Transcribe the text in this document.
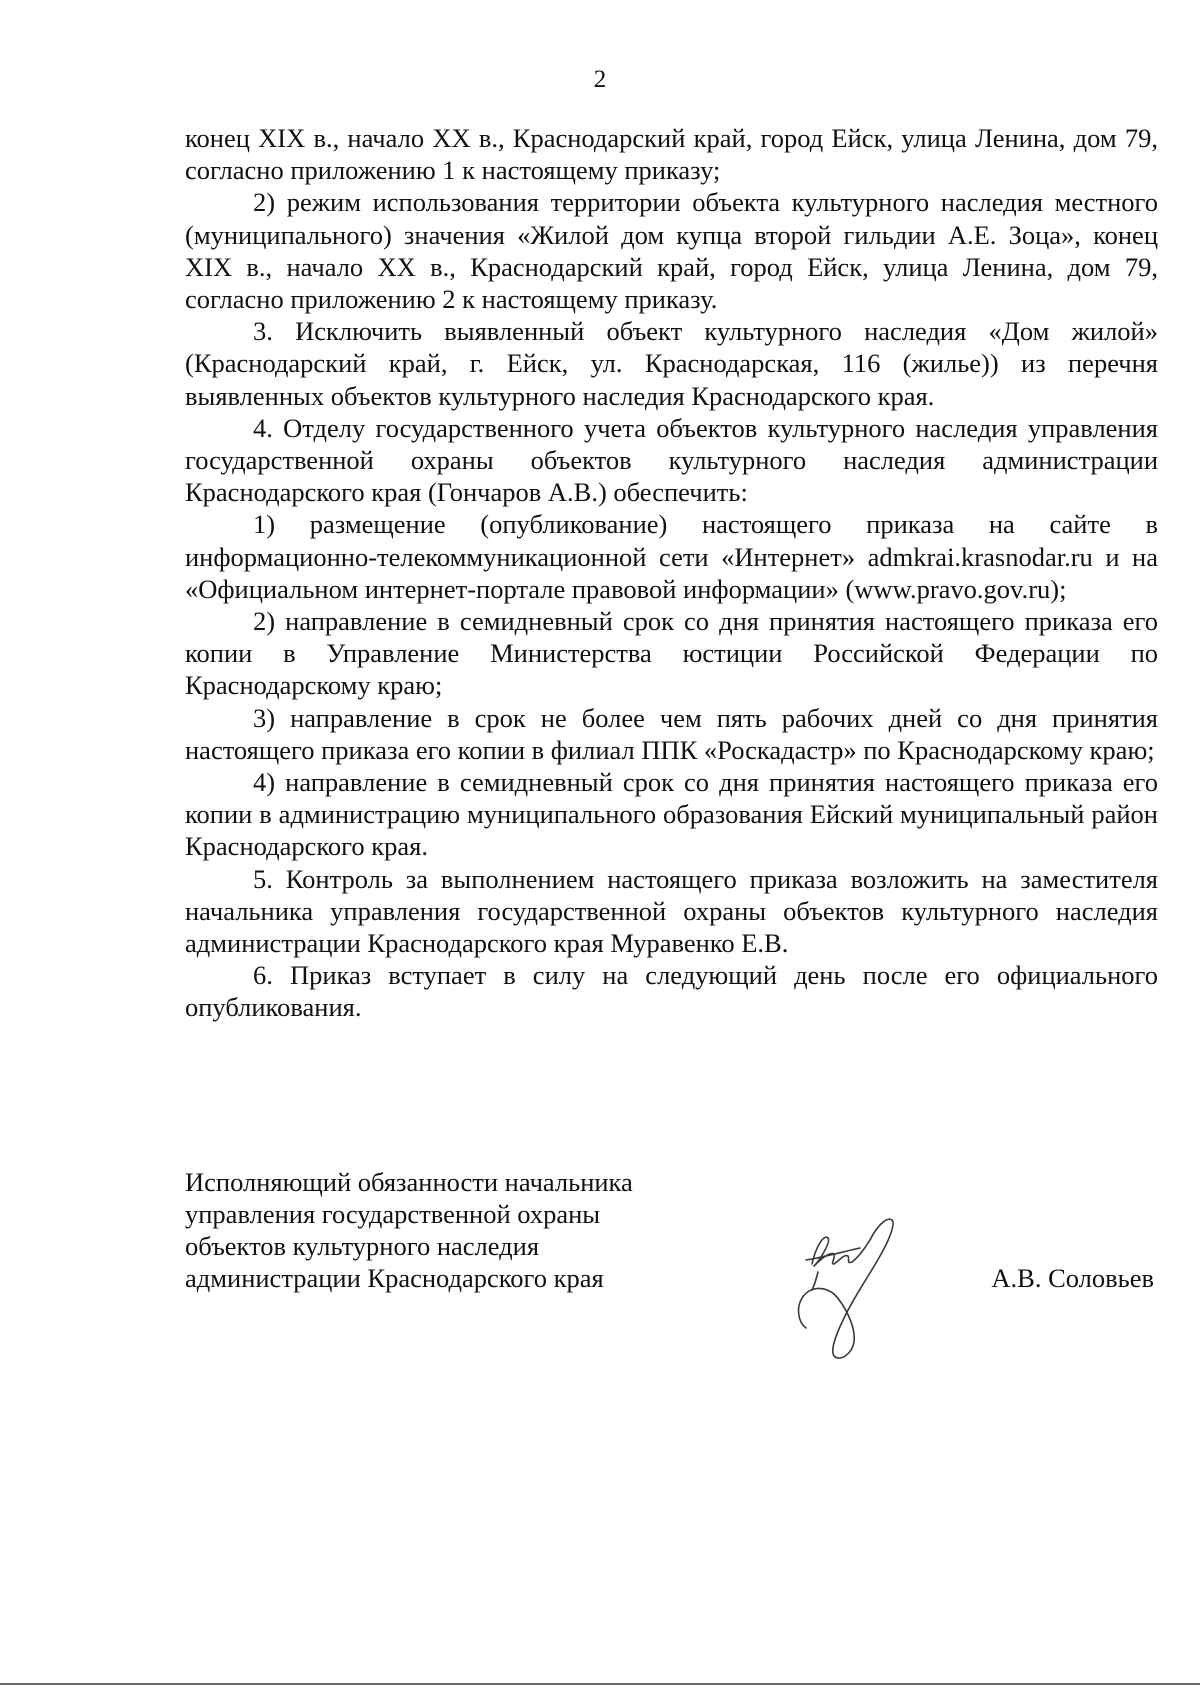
2

конец XIX в., начало XX в., Краснодарский край, город Ейск, улица Ленина, дом 79, согласно приложению 1 к настоящему приказу;

2) режим использования территории объекта культурного наследия местного (муниципального) значения «Жилой дом купца второй гильдии А.Е. Зоца», конец XIX в., начало XX в., Краснодарский край, город Ейск, улица Ленина, дом 79, согласно приложению 2 к настоящему приказу.

3. Исключить выявленный объект культурного наследия «Дом жилой» (Краснодарский край, г. Ейск, ул. Краснодарская, 116 (жилье)) из перечня выявленных объектов культурного наследия Краснодарского края.

4. Отделу государственного учета объектов культурного наследия управления государственной охраны объектов культурного наследия администрации Краснодарского края (Гончаров А.В.) обеспечить:

1) размещение (опубликование) настоящего приказа на сайте в информационно-телекоммуникационной сети «Интернет» admkrai.krasnodar.ru и на «Официальном интернет-портале правовой информации» (www.pravo.gov.ru);

2) направление в семидневный срок со дня принятия настоящего приказа его копии в Управление Министерства юстиции Российской Федерации по Краснодарскому краю;

3) направление в срок не более чем пять рабочих дней со дня принятия настоящего приказа его копии в филиал ППК «Роскадастр» по Краснодарскому краю;

4) направление в семидневный срок со дня принятия настоящего приказа его копии в администрацию муниципального образования Ейский муниципальный район Краснодарского края.

5. Контроль за выполнением настоящего приказа возложить на заместителя начальника управления государственной охраны объектов культурного наследия администрации Краснодарского края Муравенко Е.В.

6. Приказ вступает в силу на следующий день после его официального опубликования.

Исполняющий обязанности начальника
управления государственной охраны
объектов культурного наследия
администрации Краснодарского края	А.В. Соловьев
